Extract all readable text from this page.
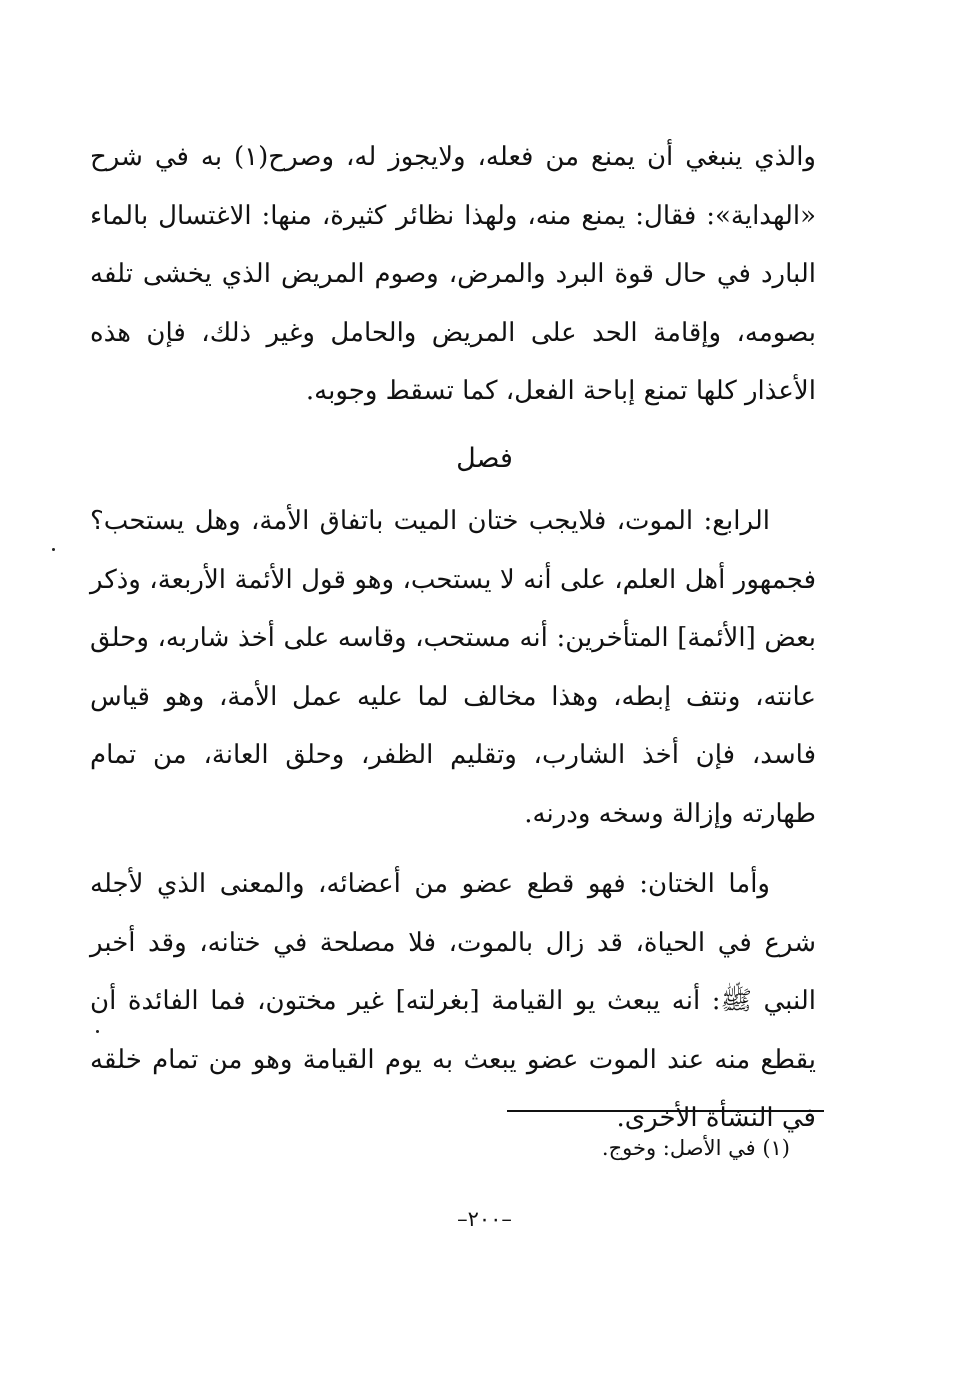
والذي ينبغي أن يمنع من فعله، ولايجوز له، وصرح(١) به في شرح «الهداية»: فقال: يمنع منه، ولهذا نظائر كثيرة، منها: الاغتسال بالماء البارد في حال قوة البرد والمرض، وصوم المريض الذي يخشى تلفه بصومه، وإقامة الحد على المريض والحامل وغير ذلك، فإن هذه الأعذار كلها تمنع إباحة الفعل، كما تسقط وجوبه.

فصل

الرابع: الموت، فلايجب ختان الميت باتفاق الأمة، وهل يستحب؟ فجمهور أهل العلم، على أنه لا يستحب، وهو قول الأئمة الأربعة، وذكر بعض [الأئمة] المتأخرين: أنه مستحب، وقاسه على أخذ شاربه، وحلق عانته، ونتف إبطه، وهذا مخالف لما عليه عمل الأمة، وهو قياس فاسد، فإن أخذ الشارب، وتقليم الظفر، وحلق العانة، من تمام طهارته وإزالة وسخه ودرنه.

وأما الختان: فهو قطع عضو من أعضائه، والمعنى الذي لأجله شرع في الحياة، قد زال بالموت، فلا مصلحة في ختانه، وقد أخبر النبي ﷺ: أنه يبعث يو القيامة [بغرلته] غير مختون، فما الفائدة أن يقطع منه عند الموت عضو يبعث به يوم القيامة وهو من تمام خلقه في النشأة الأخرى.

(١) في الأصل: وخوج.
–٢٠٠–
